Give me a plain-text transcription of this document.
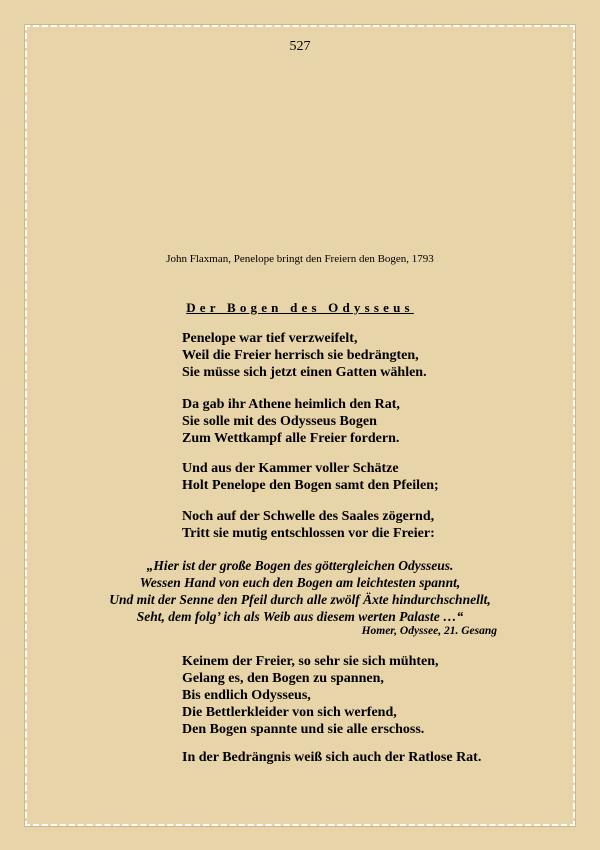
527
John Flaxman, Penelope bringt den Freiern den Bogen, 1793
Der Bogen des Odysseus
Penelope war tief verzweifelt,
Weil die Freier herrisch sie bedrängten,
Sie müsse sich jetzt einen Gatten wählen.
Da gab ihr Athene heimlich den Rat,
Sie solle mit des Odysseus Bogen
Zum Wettkampf alle Freier fordern.
Und aus der Kammer voller Schätze
Holt Penelope den Bogen samt den Pfeilen;
Noch auf der Schwelle des Saales zögernd,
Tritt sie mutig entschlossen vor die Freier:
„Hier ist der große Bogen des göttergleichen Odysseus.
Wessen Hand von euch den Bogen am leichtesten spannt,
Und mit der Senne den Pfeil durch alle zwölf Äxte hindurchschnellt,
Seht, dem folg’ ich als Weib aus diesem werten Palaste …“
Homer, Odyssee, 21. Gesang
Keinem der Freier, so sehr sie sich mühten,
Gelang es, den Bogen zu spannen,
Bis endlich Odysseus,
Die Bettlerkleider von sich werfend,
Den Bogen spannte und sie alle erschoss.
In der Bedrängnis weiß sich auch der Ratlose Rat.
